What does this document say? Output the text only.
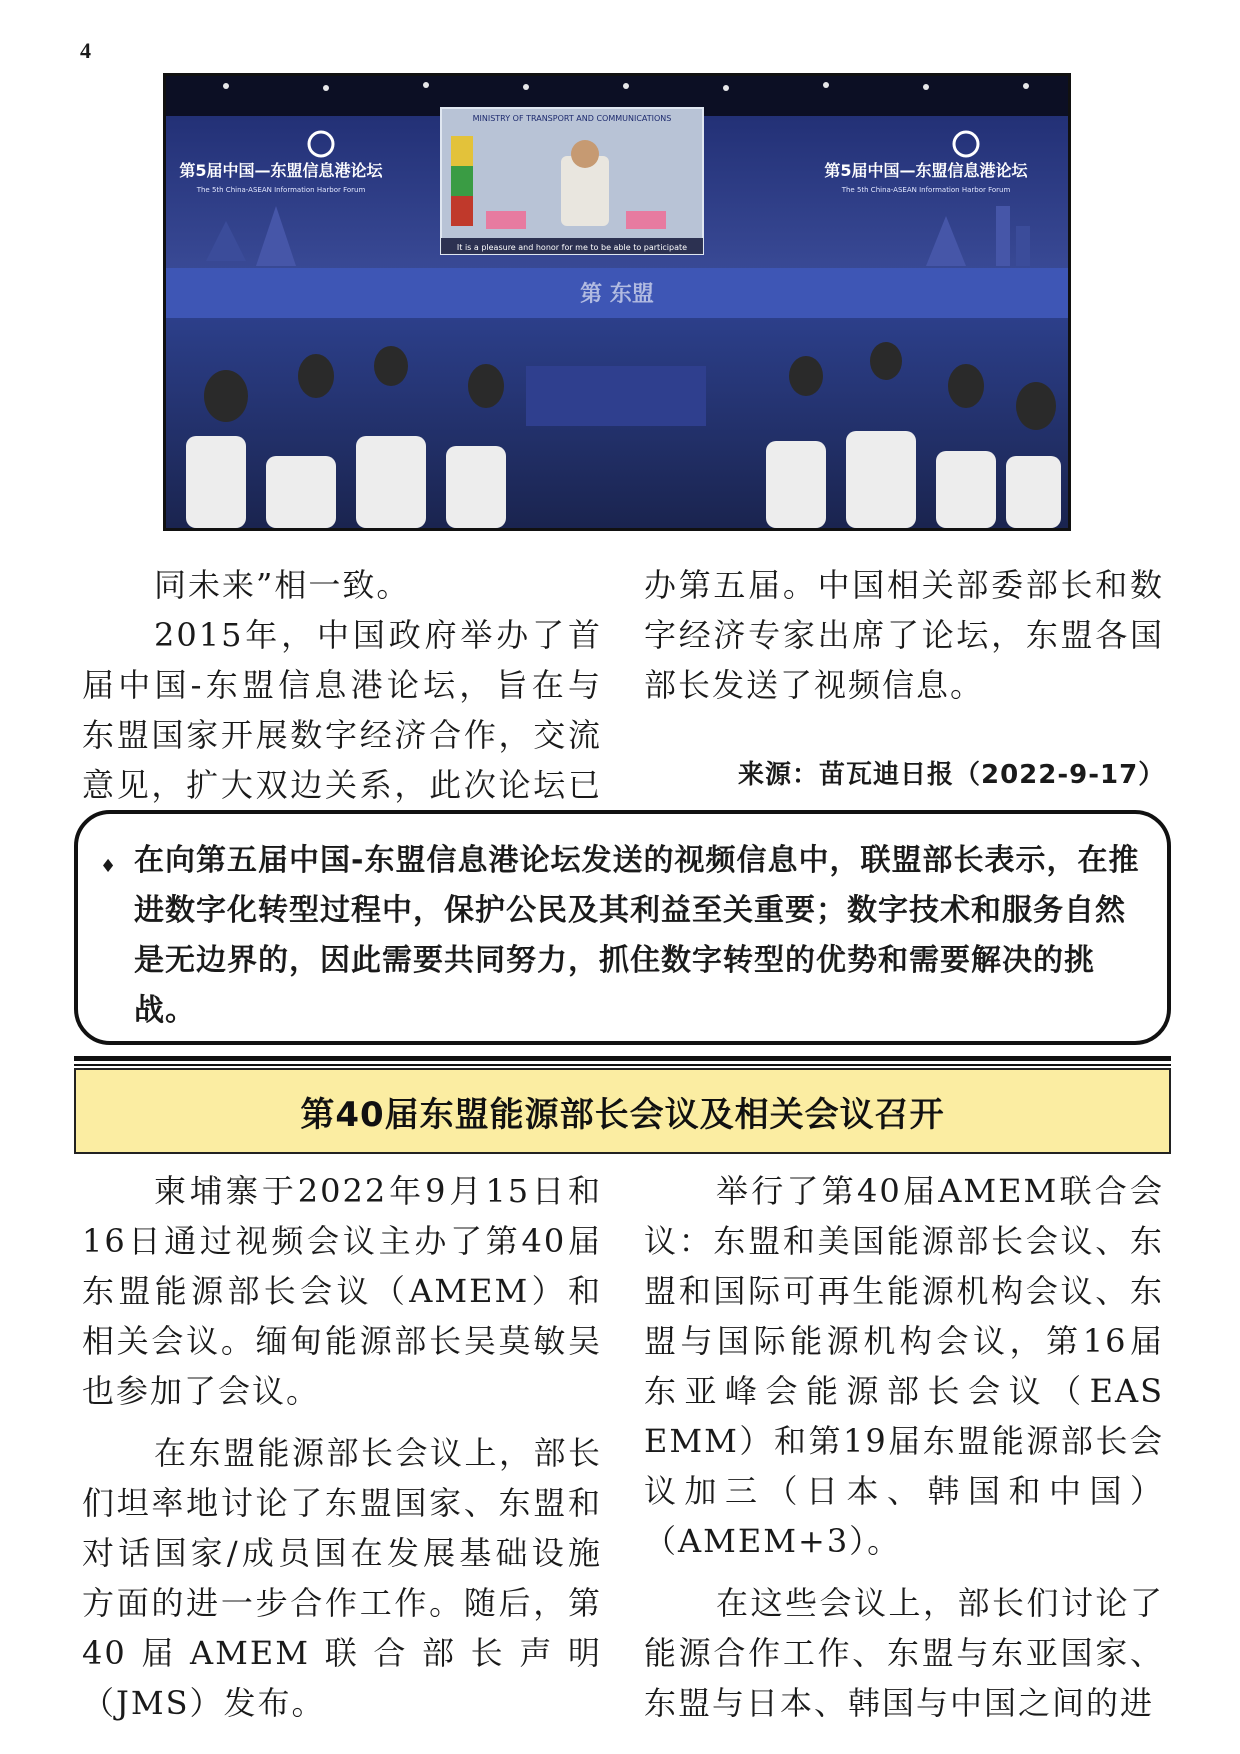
4
MINISTRY OF TRANSPORT AND COMMUNICATIONS
It is a pleasure and honor for me to be able to participate
第5届中国—东盟信息港论坛
The 5th China-ASEAN Information Harbor Forum
第5届中国—东盟信息港论坛
The 5th China-ASEAN Information Harbor Forum
第 东盟

同未来”相一致。

2015年，中国政府举办了首届中国-东盟信息港论坛，旨在与东盟国家开展数字经济合作，交流意见，扩大双边关系，此次论坛已

办第五届。中国相关部委部长和数字经济专家出席了论坛，东盟各国部长发送了视频信息。

来源：苗瓦迪日报（2022-9-17）
♦ 在向第五届中国-东盟信息港论坛发送的视频信息中，联盟部长表示，在推进数字化转型过程中，保护公民及其利益至关重要；数字技术和服务自然是无边界的，因此需要共同努力，抓住数字转型的优势和需要解决的挑战。
第40届东盟能源部长会议及相关会议召开

柬埔寨于2022年9月15日和16日通过视频会议主办了第40届东盟能源部长会议（AMEM）和相关会议。缅甸能源部长吴莫敏吴也参加了会议。

在东盟能源部长会议上，部长们坦率地讨论了东盟国家、东盟和对话国家/成员国在发展基础设施方面的进一步合作工作。随后，第40届AMEM联合部长声明（JMS）发布。

举行了第40届AMEM联合会议：东盟和美国能源部长会议、东盟和国际可再生能源机构会议、东盟与国际能源机构会议，第16届东亚峰会能源部长会议（EAS EMM）和第19届东盟能源部长会议加三（日本、韩国和中国）（AMEM+3）。

在这些会议上，部长们讨论了能源合作工作、东盟与东亚国家、东盟与日本、韩国与中国之间的进
